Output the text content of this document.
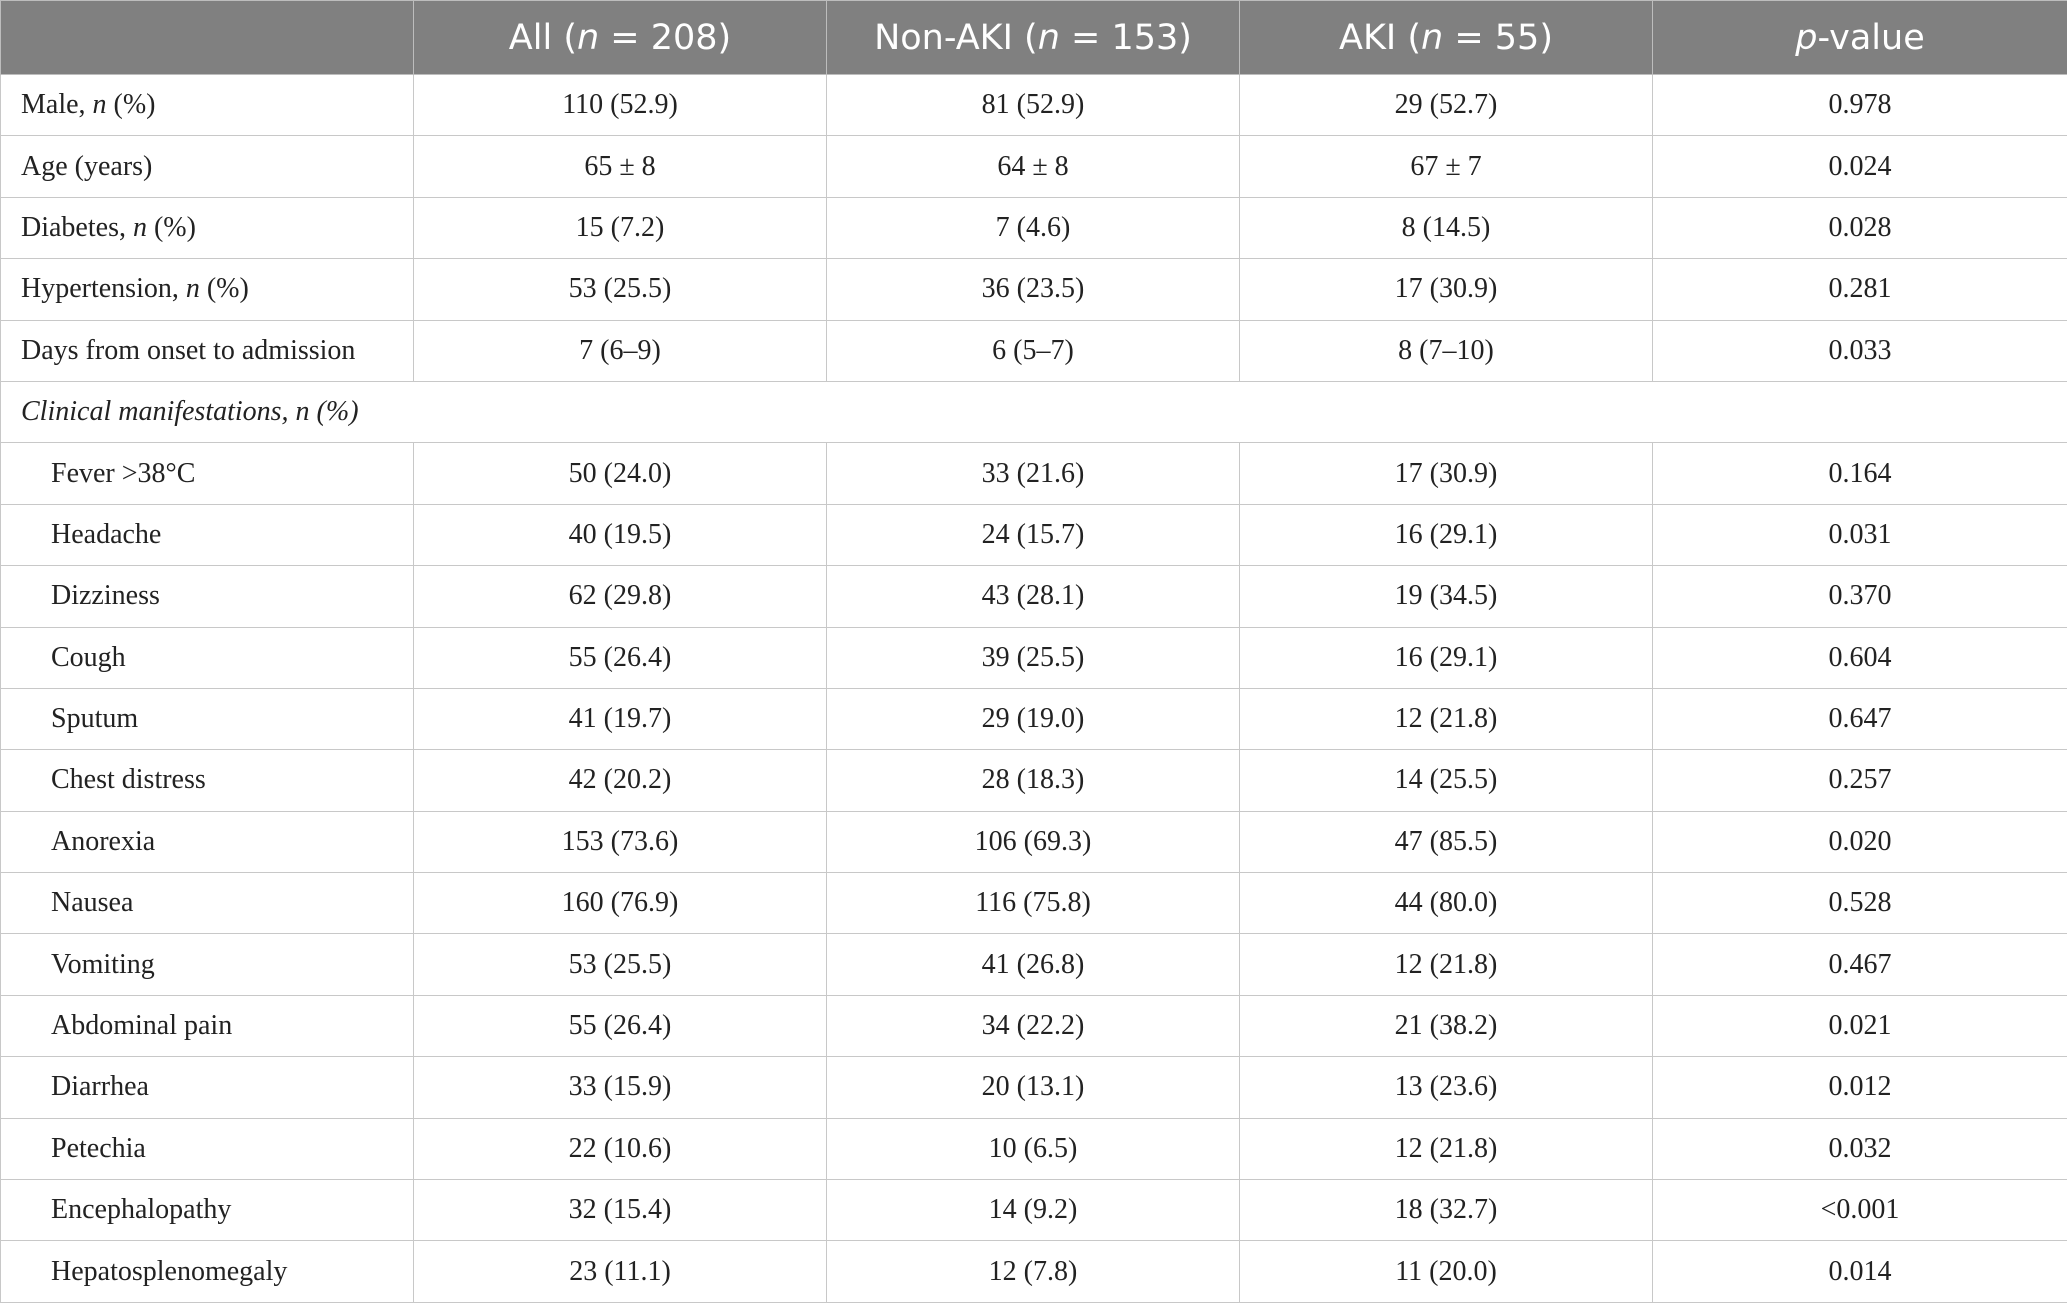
	All (n = 208)	Non-AKI (n = 153)	AKI (n = 55)	p-value
Male, n (%)	110 (52.9)	81 (52.9)	29 (52.7)	0.978
Age (years)	65 ± 8	64 ± 8	67 ± 7	0.024
Diabetes, n (%)	15 (7.2)	7 (4.6)	8 (14.5)	0.028
Hypertension, n (%)	53 (25.5)	36 (23.5)	17 (30.9)	0.281
Days from onset to admission	7 (6–9)	6 (5–7)	8 (7–10)	0.033
Clinical manifestations, n (%)				
Fever >38°C	50 (24.0)	33 (21.6)	17 (30.9)	0.164
Headache	40 (19.5)	24 (15.7)	16 (29.1)	0.031
Dizziness	62 (29.8)	43 (28.1)	19 (34.5)	0.370
Cough	55 (26.4)	39 (25.5)	16 (29.1)	0.604
Sputum	41 (19.7)	29 (19.0)	12 (21.8)	0.647
Chest distress	42 (20.2)	28 (18.3)	14 (25.5)	0.257
Anorexia	153 (73.6)	106 (69.3)	47 (85.5)	0.020
Nausea	160 (76.9)	116 (75.8)	44 (80.0)	0.528
Vomiting	53 (25.5)	41 (26.8)	12 (21.8)	0.467
Abdominal pain	55 (26.4)	34 (22.2)	21 (38.2)	0.021
Diarrhea	33 (15.9)	20 (13.1)	13 (23.6)	0.012
Petechia	22 (10.6)	10 (6.5)	12 (21.8)	0.032
Encephalopathy	32 (15.4)	14 (9.2)	18 (32.7)	<0.001
Hepatosplenomegaly	23 (11.1)	12 (7.8)	11 (20.0)	0.014
